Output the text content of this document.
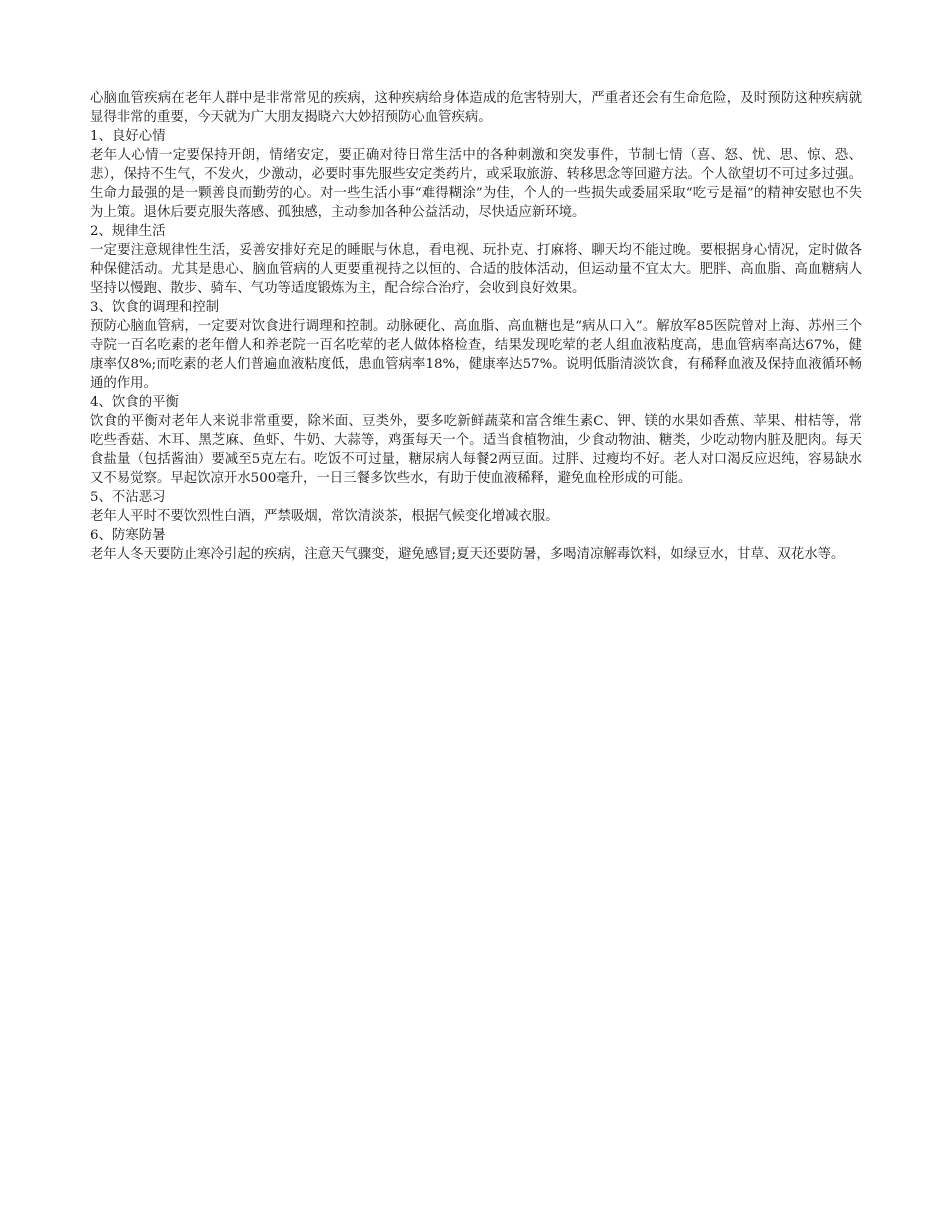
心脑血管疾病在老年人群中是非常常见的疾病，这种疾病给身体造成的危害特别大，严重者还会有生命危险，及时预防这种疾病就显得非常的重要，今天就为广大朋友揭晓六大妙招预防心血管疾病。

1、良好心情

老年人心情一定要保持开朗，情绪安定，要正确对待日常生活中的各种刺激和突发事件，节制七情（喜、怒、忧、思、惊、恐、悲），保持不生气，不发火，少激动，必要时事先服些安定类药片，或采取旅游、转移思念等回避方法。个人欲望切不可过多过强。生命力最强的是一颗善良而勤劳的心。对一些生活小事“难得糊涂”为佳，个人的一些损失或委屈采取“吃亏是福”的精神安慰也不失为上策。退休后要克服失落感、孤独感，主动参加各种公益活动，尽快适应新环境。

2、规律生活

一定要注意规律性生活，妥善安排好充足的睡眠与休息，看电视、玩扑克、打麻将、聊天均不能过晚。要根据身心情况，定时做各种保健活动。尤其是患心、脑血管病的人更要重视持之以恒的、合适的肢体活动，但运动量不宜太大。肥胖、高血脂、高血糖病人坚持以慢跑、散步、骑车、气功等适度锻炼为主，配合综合治疗，会收到良好效果。

3、饮食的调理和控制

预防心脑血管病，一定要对饮食进行调理和控制。动脉硬化、高血脂、高血糖也是“病从口入”。解放军85医院曾对上海、苏州三个寺院一百名吃素的老年僧人和养老院一百名吃荤的老人做体格检查，结果发现吃荤的老人组血液粘度高，患血管病率高达67%，健康率仅8%;而吃素的老人们普遍血液粘度低，患血管病率18%，健康率达57%。说明低脂清淡饮食，有稀释血液及保持血液循环畅通的作用。

4、饮食的平衡

饮食的平衡对老年人来说非常重要，除米面、豆类外，要多吃新鲜蔬菜和富含维生素C、钾、镁的水果如香蕉、苹果、柑桔等，常吃些香菇、木耳、黑芝麻、鱼虾、牛奶、大蒜等，鸡蛋每天一个。适当食植物油，少食动物油、糖类，少吃动物内脏及肥肉。每天食盐量（包括酱油）要减至5克左右。吃饭不可过量，糖尿病人每餐2两豆面。过胖、过瘦均不好。老人对口渴反应迟纯，容易缺水又不易觉察。早起饮凉开水500毫升，一日三餐多饮些水，有助于使血液稀释，避免血栓形成的可能。

5、不沾恶习

老年人平时不要饮烈性白酒，严禁吸烟，常饮清淡茶，根据气候变化增减衣服。

6、防寒防暑

老年人冬天要防止寒冷引起的疾病，注意天气骤变，避免感冒;夏天还要防暑，多喝清凉解毒饮料，如绿豆水，甘草、双花水等。
